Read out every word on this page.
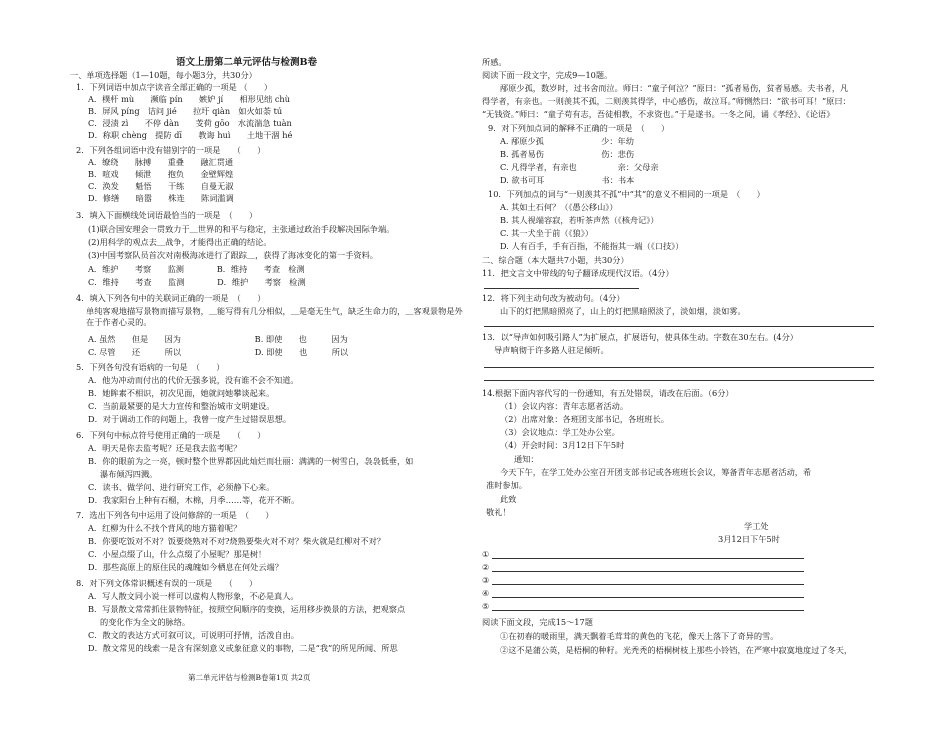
语文上册第二单元评估与检测B卷
一、单项选择题（1—10题，每小题3分，共30分）
1．下列词语中加点字读音全部正确的一项是 （　　）
A．樸杆 mù　　濒临 pín　　嫉妒 jí　　相形见绌 chù
B．屏风 píng　诘问 jié　　拉圩 qiàn　如火如荼 tú
C．浸渍 zì　　不停 dàn　　芰荷 gōo　水流湍急 tuàn
D．称职 chèng　提防 dī　　教诲 huì　　土地干涸 hé
2．下列各组词语中没有错别字的一项是　　（　　）
A．缭绕　　脉搏　　重叠　　融汇贯通
B．喧戏　　倾泄　　抱负　　金壁辉煌
C．涣发　　魁悟　　干练　　自曼无淑
D．修缮　　暗嚣　　株连　　陈词滥调
3．填入下面横线处词语最恰当的一项是　（　　）
(1)联合国安理会一贯致力于＿世界的和平与稳定，主张通过政治手段解决国际争端。
(2)用科学的观点去＿战争，才能得出正确的结论。
(3)中国考察队员首次对南极海冰进行了跟踪＿，获得了海冰变化的第一手资料。
A．维护　　考察　　监测　　　　B．维持　　考查　检测
C．维持　　考查　　监测　　　　D．维护　　考察　检测
4．填入下列各句中的关联词正确的一项是　（　　）
单纯客观地描写景物而描写景物，＿能写得有几分相似，＿是毫无生气，缺乏生命力的，＿客观景物是外在于作者心灵的。
A. 虽然　　但是　　因为　　　　　　　　　B. 即使　　也　　　因为
C. 尽管　　还　　　所以　　　　　　　　　D. 即使　　也　　　所以
5．下列各句没有语病的一句是　（　　）
A．他为冲动而付出的代价无强多说，没有谁不会不知道。
B．她眸素不相识，初次见面，她就问她攀谈起来。
C．当前最紧要的是大力宣传和整治城市文明建设。
D．对于调动工作的问题上，我曾一度产生过错误思想。
6．下列句中标点符号使用正确的一项是　　（　　）
A．明天是你去监考呢？还是我去监考呢？
B．你的眼前为之一亮，顿时整个世界都因此灿烂而壮丽：满满的一树雪白，袅袅低垂，如
瀑布倾泻四溅。
C．读书、做学问、进行研究工作，必须静下心来。
D．我家阳台上种有石榴，木棉，月季……等，花开不断。
7．选出下列各句中运用了设问修辞的一项是　（　　）
A．红柳为什么不找个背风的地方猫着呢？
B．你要吃饭对不对？饭要烧熟对不对?烧熟要柴火对不对？柴火就是红柳对不对？
C．小屋点缀了山，什么点缀了小屋呢？那是树！
D．那些高原上的原住民的魂魄如今栖息在何处云端？
8．对下列文体常识概述有误的一项是　　（　　）
A．写人散文同小说一样可以虚构人物形象，不必是真人。
B．写景散文常常抓住景物特征，按照空间顺序的变换，运用移步换景的方法，把观察点
的变化作为全文的脉络。
C．散文的表达方式可叙可议，可说明可抒情，活泼自由。
D．散文常见的线索一是含有深刻意义或象征意义的事物，二是“我”的所见所闻、所思
第二单元评估与检测B卷第1页 共2页
所感。
阅读下面一段文字，完成9—10题。
邴原少孤，数岁时，过书舍而泣。师曰：“童子何泣？”原曰：“孤者易伤，贫者易感。夫书者，凡
得学者，有亲也。一则羡其不孤，二则羡其得学，中心感伤，故泣耳。”师恻然曰：“欲书可耳！”原曰：
“无钱资。”师曰：“童子苟有志，吾徒相教，不求资也。”于是遂书。一冬之间，诵《孝经》、《论语》
9．对下列加点词的解释不正确的一项是　（　　）
A. 邴原少孤　　　　　　　少：年幼
B. 孤者易伤　　　　　　　伤：悲伤
C. 凡得学者，有亲也　　　　　亲：父母亲
D. 欲书可耳　　　　　　　书：书本
10．下列加点的词与“一则羡其不孤”中“其”的意义不相同的一项是　（　　）
A. 其如土石何？（《愚公移山》）
B. 其人视端容寂，若听茶声然（《核舟记》）
C. 其一犬坐于前（《狼》）
D. 人有百手，手有百指，不能指其一端（《口技》）
二、综合题（本大题共7小题，共30分）
11．把文言文中带线的句子翻译成现代汉语。（4分）
12．将下列主动句改为被动句。（4分）
山下的灯把黑暗照亮了，山上的灯把黑暗照淡了，淡如烟，淡如雾。
13．以“导声如何吸引路人”为扩展点，扩展语句，使具体生动。字数在30左右。(4分）
导声响彻于许多路人驻足倾听。
14.根据下面内容代写的一份通知，有五处错误，请改在后面。（6分）
（1）会议内容：青年志愿者活动。
（2）出席对象：各班团支部书记，各班班长。
（3）会议地点：学工处办公室。
（4）开会时间：3月12日下午5时
通知：
今天下午，在学工处办公室召开团支部书记或各班班长会议，筹备青年志愿者活动，希
准时参加。
此致
敬礼！
学工处
3月12日下午5时
①
②
③
④
⑤
阅读下面文段，完成15～17题
①在初春的暖雨里，满天飘着毛茸茸的黄色的飞花，像天上落下了奇异的雪。
②这不是蒲公英，是梧桐的种籽。光秃秃的梧桐树枝上那些小铃铛，在严寒中寂寞地度过了冬天，
